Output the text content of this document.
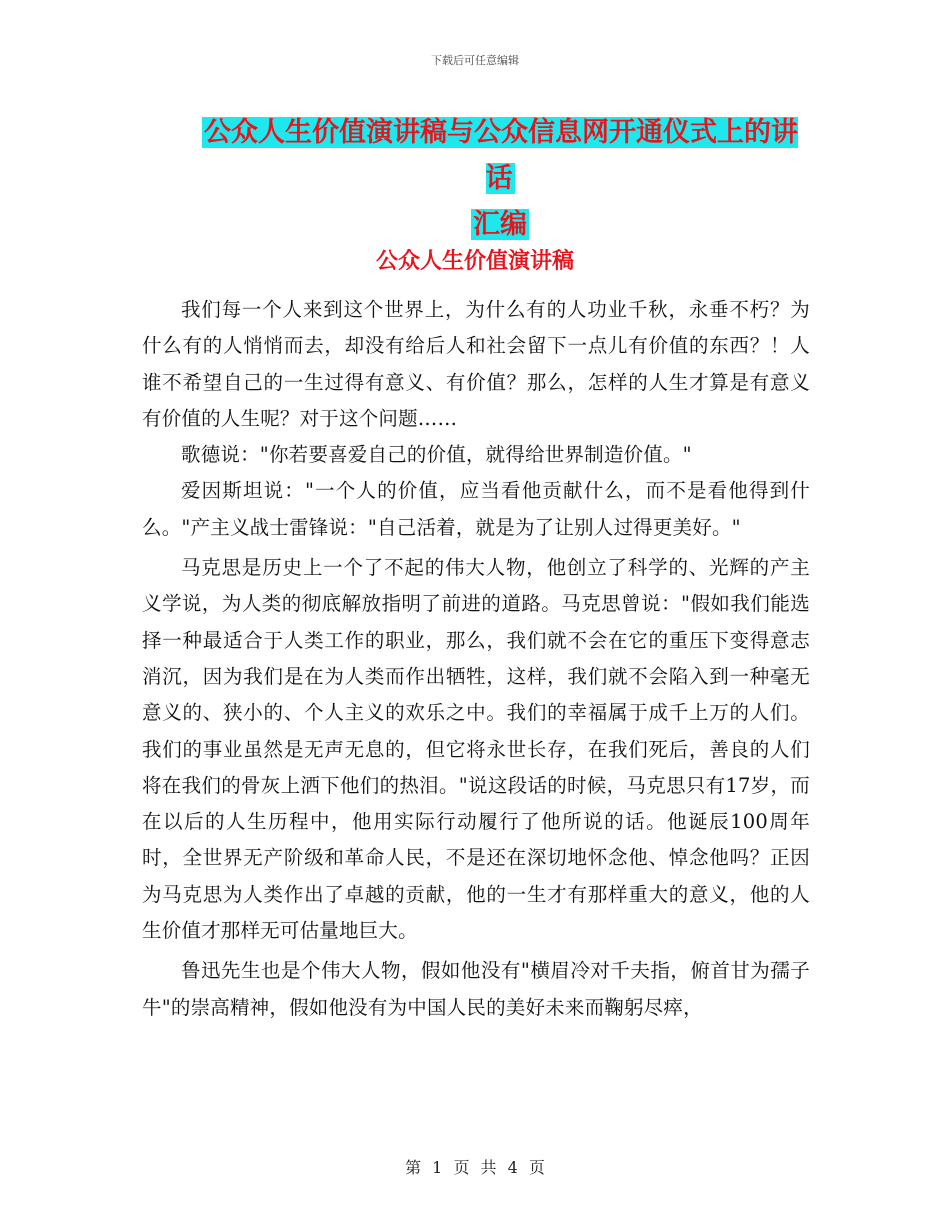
下载后可任意编辑
公众人生价值演讲稿与公众信息网开通仪式上的讲话
汇编
公众人生价值演讲稿

我们每一个人来到这个世界上，为什么有的人功业千秋，永垂不朽？为什么有的人悄悄而去，却没有给后人和社会留下一点儿有价值的东西？！人谁不希望自己的一生过得有意义、有价值？那么，怎样的人生才算是有意义有价值的人生呢？对于这个问题……

歌德说："你若要喜爱自己的价值，就得给世界制造价值。"

爱因斯坦说："一个人的价值，应当看他贡献什么，而不是看他得到什么。"产主义战士雷锋说："自己活着，就是为了让别人过得更美好。"

马克思是历史上一个了不起的伟大人物，他创立了科学的、光辉的产主义学说，为人类的彻底解放指明了前进的道路。马克思曾说："假如我们能选择一种最适合于人类工作的职业，那么，我们就不会在它的重压下变得意志消沉，因为我们是在为人类而作出牺牲，这样，我们就不会陷入到一种毫无意义的、狭小的、个人主义的欢乐之中。我们的幸福属于成千上万的人们。我们的事业虽然是无声无息的，但它将永世长存，在我们死后，善良的人们将在我们的骨灰上洒下他们的热泪。"说这段话的时候，马克思只有17岁，而在以后的人生历程中，他用实际行动履行了他所说的话。他诞辰100周年时，全世界无产阶级和革命人民，不是还在深切地怀念他、悼念他吗？正因为马克思为人类作出了卓越的贡献，他的一生才有那样重大的意义，他的人生价值才那样无可估量地巨大。

鲁迅先生也是个伟大人物，假如他没有"横眉冷对千夫指，俯首甘为孺子牛"的崇高精神，假如他没有为中国人民的美好未来而鞠躬尽瘁，

第 1 页 共 4 页
